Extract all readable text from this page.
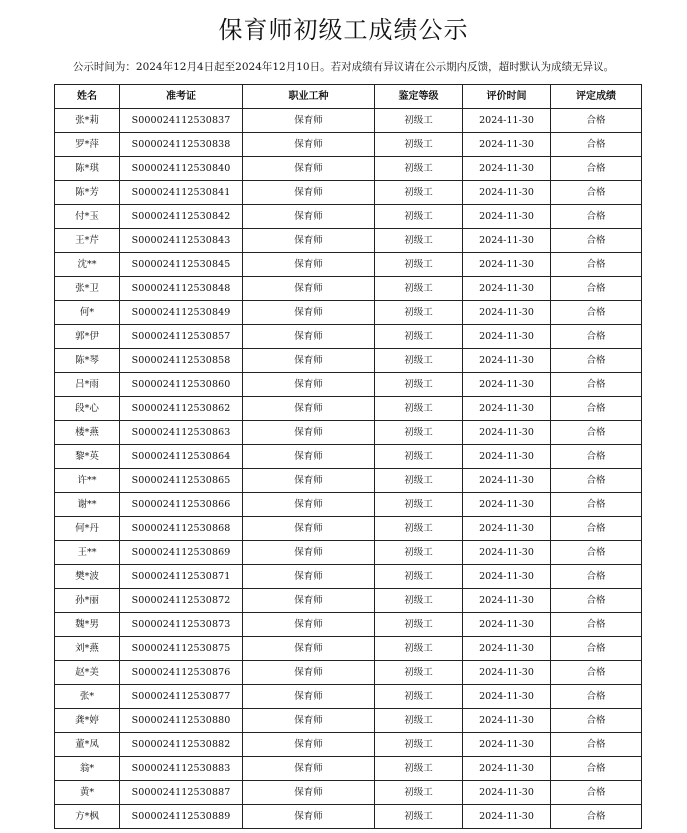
保育师初级工成绩公示
公示时间为：2024年12月4日起至2024年12月10日。若对成绩有异议请在公示期内反馈，超时默认为成绩无异议。
姓名	准考证	职业工种	鉴定等级	评价时间	评定成绩
张*莉	S000024112530837	保育师	初级工	2024-11-30	合格
罗*萍	S000024112530838	保育师	初级工	2024-11-30	合格
陈*琪	S000024112530840	保育师	初级工	2024-11-30	合格
陈*芳	S000024112530841	保育师	初级工	2024-11-30	合格
付*玉	S000024112530842	保育师	初级工	2024-11-30	合格
王*芹	S000024112530843	保育师	初级工	2024-11-30	合格
沈**	S000024112530845	保育师	初级工	2024-11-30	合格
张*卫	S000024112530848	保育师	初级工	2024-11-30	合格
何*	S000024112530849	保育师	初级工	2024-11-30	合格
郭*伊	S000024112530857	保育师	初级工	2024-11-30	合格
陈*琴	S000024112530858	保育师	初级工	2024-11-30	合格
吕*雨	S000024112530860	保育师	初级工	2024-11-30	合格
段*心	S000024112530862	保育师	初级工	2024-11-30	合格
楼*燕	S000024112530863	保育师	初级工	2024-11-30	合格
黎*英	S000024112530864	保育师	初级工	2024-11-30	合格
许**	S000024112530865	保育师	初级工	2024-11-30	合格
谢**	S000024112530866	保育师	初级工	2024-11-30	合格
何*丹	S000024112530868	保育师	初级工	2024-11-30	合格
王**	S000024112530869	保育师	初级工	2024-11-30	合格
樊*波	S000024112530871	保育师	初级工	2024-11-30	合格
孙*丽	S000024112530872	保育师	初级工	2024-11-30	合格
魏*男	S000024112530873	保育师	初级工	2024-11-30	合格
刘*燕	S000024112530875	保育师	初级工	2024-11-30	合格
赵*美	S000024112530876	保育师	初级工	2024-11-30	合格
张*	S000024112530877	保育师	初级工	2024-11-30	合格
龚*婷	S000024112530880	保育师	初级工	2024-11-30	合格
董*凤	S000024112530882	保育师	初级工	2024-11-30	合格
翁*	S000024112530883	保育师	初级工	2024-11-30	合格
黄*	S000024112530887	保育师	初级工	2024-11-30	合格
方*枫	S000024112530889	保育师	初级工	2024-11-30	合格
